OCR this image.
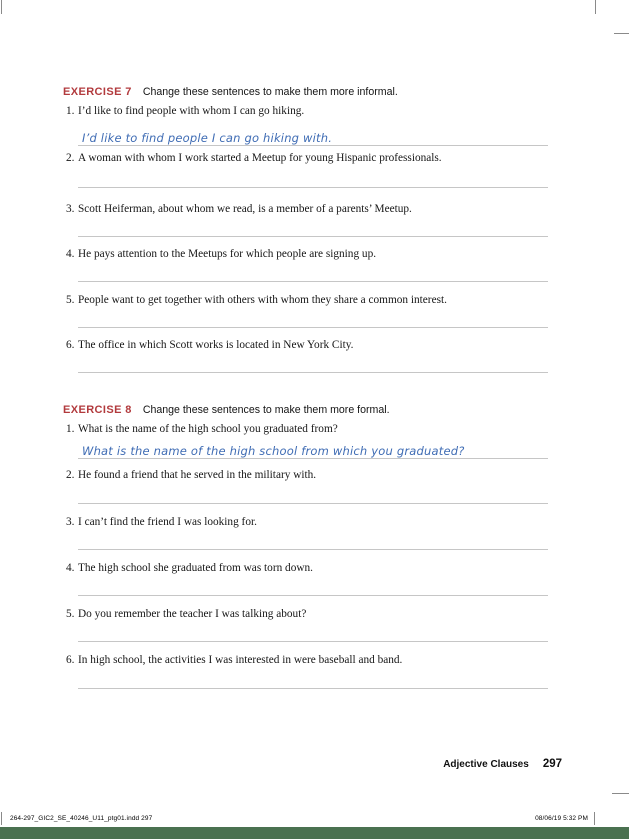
EXERCISE 7 Change these sentences to make them more informal.
1. I’d like to find people with whom I can go hiking.
I’d like to find people I can go hiking with.
2. A woman with whom I work started a Meetup for young Hispanic professionals.
3. Scott Heiferman, about whom we read, is a member of a parents’ Meetup.
4. He pays attention to the Meetups for which people are signing up.
5. People want to get together with others with whom they share a common interest.
6. The office in which Scott works is located in New York City.
EXERCISE 8 Change these sentences to make them more formal.
1. What is the name of the high school you graduated from?
What is the name of the high school from which you graduated?
2. He found a friend that he served in the military with.
3. I can’t find the friend I was looking for.
4. The high school she graduated from was torn down.
5. Do you remember the teacher I was talking about?
6. In high school, the activities I was interested in were baseball and band.
Adjective Clauses 297
264-297_GIC2_SE_40246_U11_ptg01.indd 297	08/06/19 5:32 PM
